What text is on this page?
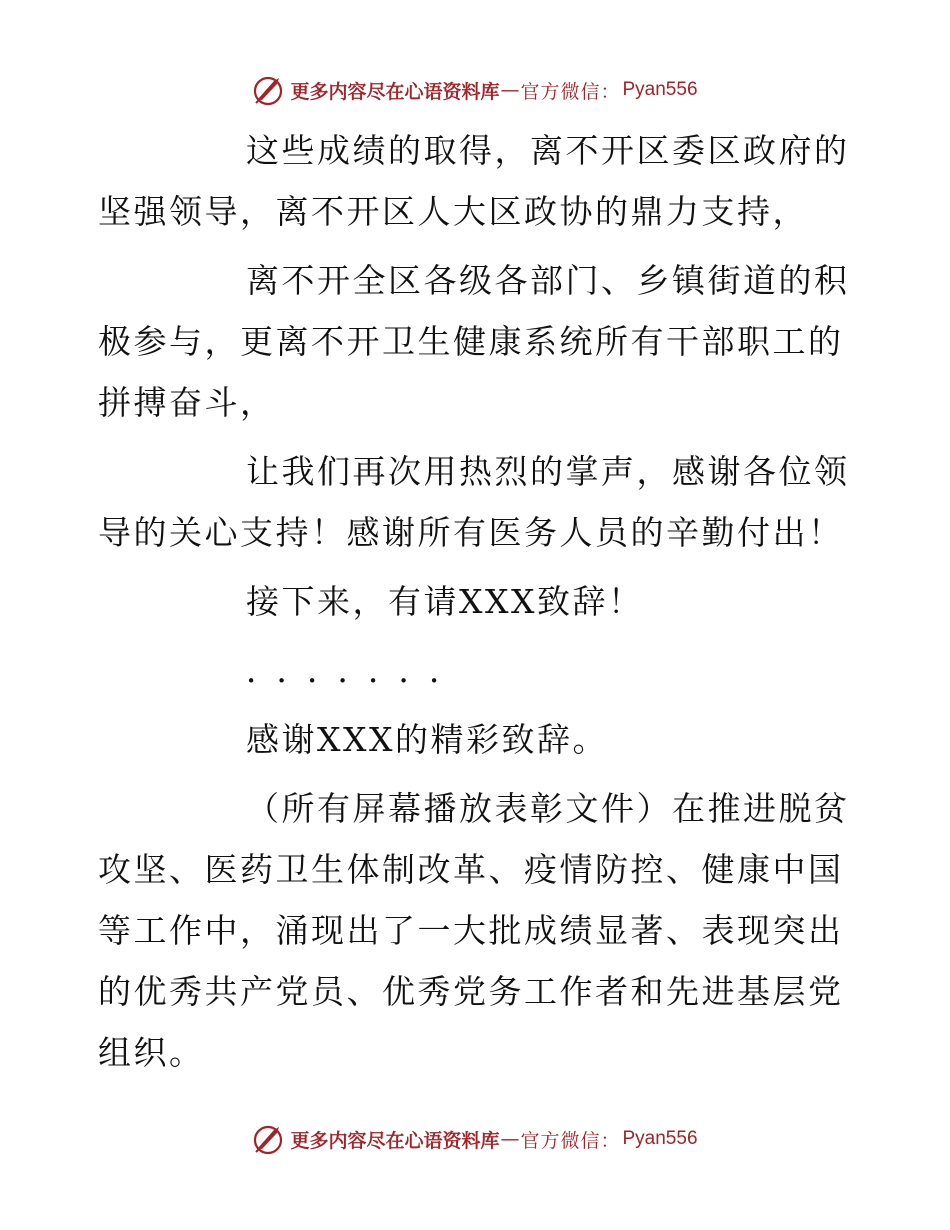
更多内容尽在心语资料库 — 官方微信： Pyan556

这些成绩的取得，离不开区委区政府的坚强领导，离不开区人大区政协的鼎力支持，

离不开全区各级各部门、乡镇街道的积极参与，更离不开卫生健康系统所有干部职工的拼搏奋斗，

让我们再次用热烈的掌声，感谢各位领导的关心支持！感谢所有医务人员的辛勤付出！

接下来，有请XXX致辞！

．．．．．．．

感谢XXX的精彩致辞。

（所有屏幕播放表彰文件）在推进脱贫攻坚、医药卫生体制改革、疫情防控、健康中国等工作中，涌现出了一大批成绩显著、表现突出的优秀共产党员、优秀党务工作者和先进基层党组织。

更多内容尽在心语资料库 — 官方微信： Pyan556
